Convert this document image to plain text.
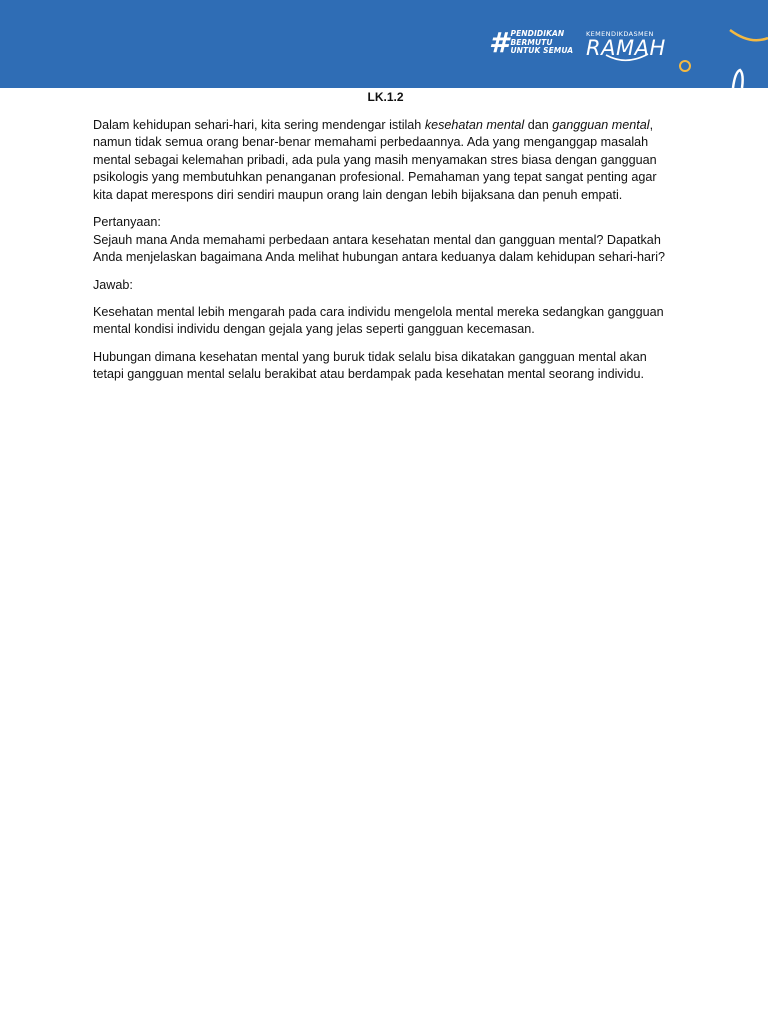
# PENDIDIKAN
BERMUTU
UNTUK SEMUA
KEMENDIKDASMEN
RAMAH
LK.1.2

Dalam kehidupan sehari-hari, kita sering mendengar istilah kesehatan mental dan gangguan mental, namun tidak semua orang benar-benar memahami perbedaannya. Ada yang menganggap masalah mental sebagai kelemahan pribadi, ada pula yang masih menyamakan stres biasa dengan gangguan psikologis yang membutuhkan penanganan profesional. Pemahaman yang tepat sangat penting agar kita dapat merespons diri sendiri maupun orang lain dengan lebih bijaksana dan penuh empati.

Pertanyaan:
Sejauh mana Anda memahami perbedaan antara kesehatan mental dan gangguan mental? Dapatkah Anda menjelaskan bagaimana Anda melihat hubungan antara keduanya dalam kehidupan sehari-hari?

Jawab:

Kesehatan mental lebih mengarah pada cara individu mengelola mental mereka sedangkan gangguan mental kondisi individu dengan gejala yang jelas seperti gangguan kecemasan.

Hubungan dimana kesehatan mental yang buruk tidak selalu bisa dikatakan gangguan mental akan tetapi gangguan mental selalu berakibat atau berdampak pada kesehatan mental seorang individu.
